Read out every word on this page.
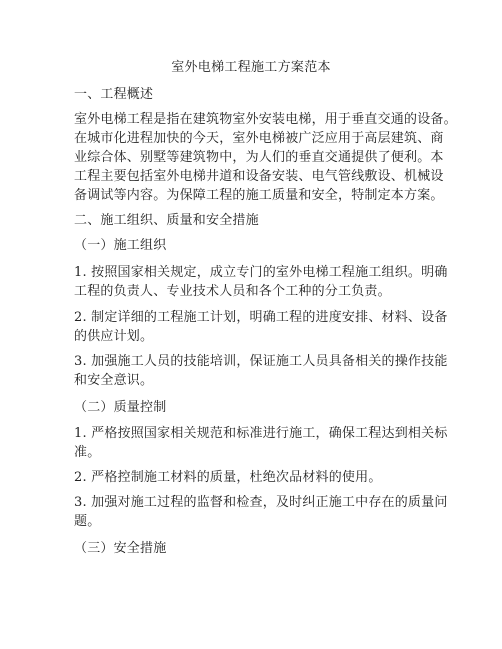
室外电梯工程施工方案范本
一、工程概述
室外电梯工程是指在建筑物室外安装电梯，用于垂直交通的设备。
在城市化进程加快的今天，室外电梯被广泛应用于高层建筑、商
业综合体、别墅等建筑物中，为人们的垂直交通提供了便利。本
工程主要包括室外电梯井道和设备安装、电气管线敷设、机械设
备调试等内容。为保障工程的施工质量和安全，特制定本方案。
二、施工组织、质量和安全措施
（一）施工组织
1. 按照国家相关规定，成立专门的室外电梯工程施工组织。明确
工程的负责人、专业技术人员和各个工种的分工负责。
2. 制定详细的工程施工计划，明确工程的进度安排、材料、设备
的供应计划。
3. 加强施工人员的技能培训，保证施工人员具备相关的操作技能
和安全意识。
（二）质量控制
1. 严格按照国家相关规范和标准进行施工，确保工程达到相关标
准。
2. 严格控制施工材料的质量，杜绝次品材料的使用。
3. 加强对施工过程的监督和检查，及时纠正施工中存在的质量问
题。
（三）安全措施
